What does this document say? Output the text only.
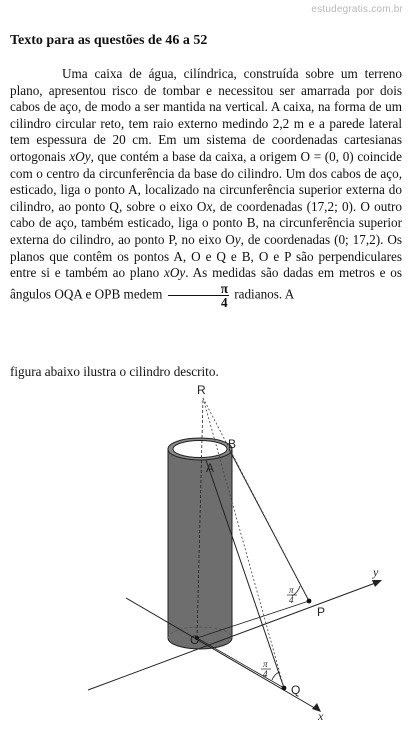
estudegratis.com.br
Texto para as questões de 46 a 52

Uma caixa de água, cilíndrica, construída sobre um terreno plano, apresentou risco de tombar e necessitou ser amarrada por dois cabos de aço, de modo a ser mantida na vertical. A caixa, na forma de um cilindro circular reto, tem raio externo medindo 2,2 m e a parede lateral tem espessura de 20 cm. Em um sistema de coordenadas cartesianas ortogonais xOy, que contém a base da caixa, a origem O = (0, 0) coincide com o centro da circunferência da base do cilindro. Um dos cabos de aço, esticado, liga o ponto A, localizado na circunferência superior externa do cilindro, ao ponto Q, sobre o eixo Ox, de coordenadas (17,2; 0). O outro cabo de aço, também esticado, liga o ponto B, na circunferência superior externa do cilindro, ao ponto P, no eixo Oy, de coordenadas (0; 17,2). Os planos que contêm os pontos A, O e Q e B, O e P são perpendiculares entre si e também ao plano xOy. As medidas são dadas em metros e os ângulos OQA e OPB medem $\frac{\pi}{4}$ radianos. A

figura abaixo ilustra o cilindro descrito.
R
B
A
O
P
Q
x
y
π
4
π
4
